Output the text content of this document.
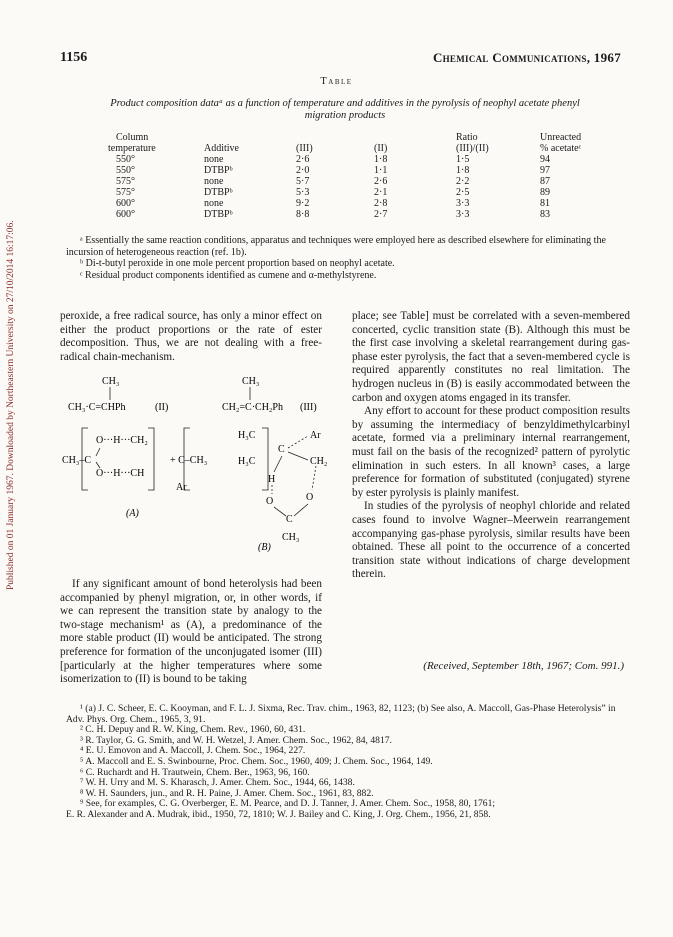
1156	Chemical Communications, 1967
Published on 01 January 1967. Downloaded by Northeastern University on 27/10/2014 16:17:06.
Table
Product composition dataᵃ as a function of temperature and additives in the pyrolysis of neophyl acetate phenyl
migration products
Column				Ratio	Unreacted
temperature	Additive	(III)	(II)	(III)/(II)	% acetateᶜ
550°	none	2·6	1·8	1·5	94
550°	DTBPᵇ	2·0	1·1	1·8	97
575°	none	5·7	2·6	2·2	87
575°	DTBPᵇ	5·3	2·1	2·5	89
600°	none	9·2	2·8	3·3	81
600°	DTBPᵇ	8·8	2·7	3·3	83
ᵃ Essentially the same reaction conditions, apparatus and techniques were employed here as described elsewhere for eliminating the incursion of heterogeneous reaction (ref. 1b).
ᵇ Di-t-butyl peroxide in one mole percent proportion based on neophyl acetate.
ᶜ Residual product components identified as cumene and α-methylstyrene.
peroxide, a free radical source, has only a minor effect on either the product proportions or the rate of ester decomposition. Thus, we are not dealing with a free-radical chain-mechanism.
CH₃
CH₃·C=CHPh	(II)
CH₃
CH₂=C·CH₂Ph (III)
CH₃–C
O···H···CH₂
O···H···CH
+ C–CH₃
Ar
(A)
H₃C
H₃C
C
Ar
CH₂
H
O	O
C
CH₃
(B)
If any significant amount of bond heterolysis had been accompanied by phenyl migration, or, in other words, if we can represent the transition state by analogy to the two-stage mechanism¹ as (A), a predominance of the more stable product (II) would be anticipated. The strong preference for formation of the unconjugated isomer (III) [particularly at the higher temperatures where some isomerization to (II) is bound to be taking
place; see Table] must be correlated with a seven-membered concerted, cyclic transition state (B). Although this must be the first case involving a skeletal rearrangement during gas-phase ester pyrolysis, the fact that a seven-membered cycle is required apparently constitutes no real limitation. The hydrogen nucleus in (B) is easily accommodated between the carbon and oxygen atoms engaged in its transfer.
Any effort to account for these product composition results by assuming the intermediacy of benzyldimethylcarbinyl acetate, formed via a preliminary internal rearrangement, must fail on the basis of the recognized² pattern of pyrolytic elimination in such esters. In all known³ cases, a large preference for formation of substituted (conjugated) styrene by ester pyrolysis is plainly manifest.
In studies of the pyrolysis of neophyl chloride and related cases found to involve Wagner–Meerwein rearrangement accompanying gas-phase pyrolysis, similar results have been obtained. These all point to the occurrence of a concerted transition state without indications of charge development therein.
(Received, September 18th, 1967; Com. 991.)
¹ (a) J. C. Scheer, E. C. Kooyman, and F. L. J. Sixma, Rec. Trav. chim., 1963, 82, 1123; (b) See also, A. Maccoll, Gas-Phase Heterolysis” in Adv. Phys. Org. Chem., 1965, 3, 91.
² C. H. Depuy and R. W. King, Chem. Rev., 1960, 60, 431.
³ R. Taylor, G. G. Smith, and W. H. Wetzel, J. Amer. Chem. Soc., 1962, 84, 4817.
⁴ E. U. Emovon and A. Maccoll, J. Chem. Soc., 1964, 227.
⁵ A. Maccoll and E. S. Swinbourne, Proc. Chem. Soc., 1960, 409; J. Chem. Soc., 1964, 149.
⁶ C. Ruchardt and H. Trautwein, Chem. Ber., 1963, 96, 160.
⁷ W. H. Urry and M. S. Kharasch, J. Amer. Chem. Soc., 1944, 66, 1438.
⁸ W. H. Saunders, jun., and R. H. Paine, J. Amer. Chem. Soc., 1961, 83, 882.
⁹ See, for examples, C. G. Overberger, E. M. Pearce, and D. J. Tanner, J. Amer. Chem. Soc., 1958, 80, 1761;
E. R. Alexander and A. Mudrak, ibid., 1950, 72, 1810; W. J. Bailey and C. King, J. Org. Chem., 1956, 21, 858.
